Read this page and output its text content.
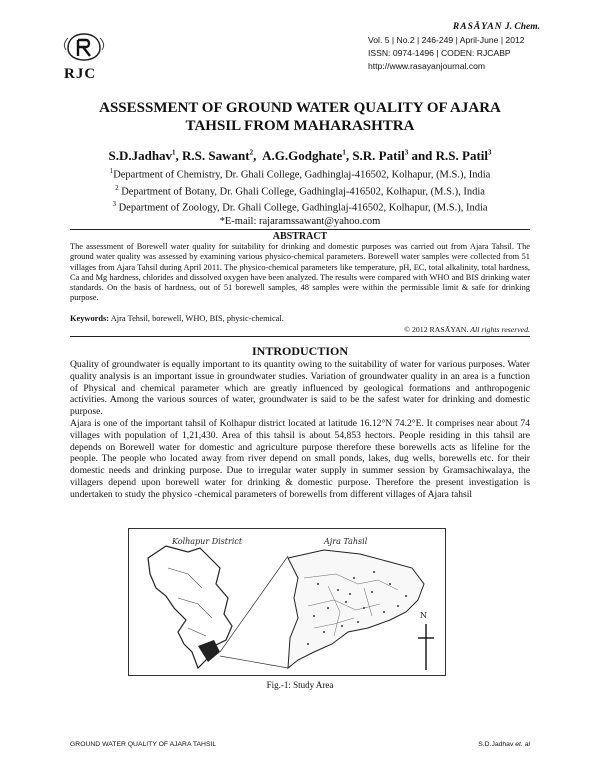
RJC
RASĀYAN J. Chem.
Vol. 5 | No.2 | 246-249 | April-June | 2012
ISSN: 0974-1496 | CODEN: RJCABP
http://www.rasayanjournal.com
ASSESSMENT OF GROUND WATER QUALITY OF AJARA
TAHSIL FROM MAHARASHTRA
S.D.Jadhav$^1$, R.S. Sawant$^2$,  A.G.Godghate$^1$, S.R. Patil$^3$ and R.S. Patil$^3$
$^1$Department of Chemistry, Dr. Ghali College, Gadhinglaj-416502, Kolhapur, (M.S.), India
$^2$ Department of Botany, Dr. Ghali College, Gadhinglaj-416502, Kolhapur, (M.S.), India
$^3$ Department of Zoology, Dr. Ghali College, Gadhinglaj-416502, Kolhapur, (M.S.), India
*E-mail: rajaramssawant@yahoo.com
ABSTRACT
The assessment of Borewell water quality for suitability for drinking and domestic purposes was carried out from Ajara Tahsil. The ground water quality was assessed by examining various physico-chemical parameters. Borewell water samples were collected from 51 villages from Ajara Tahsil during April 2011. The physico-chemical parameters like temperature, pH, EC, total alkalinity, total hardness, Ca and Mg hardness, chlorides and dissolved oxygen have been analyzed. The results were compared with WHO and BIS drinking water standards. On the basis of hardness, out of 51 borewell samples, 48 samples were within the permissible limit & safe for drinking purpose.
Keywords: Ajra Tehsil, borewell, WHO, BIS, physic-chemical.
© 2012 RASĀYAN. All rights reserved.
INTRODUCTION
Quality of groundwater is equally important to its quantity owing to the suitability of water for various purposes. Water quality analysis is an important issue in groundwater studies. Variation of groundwater quality in an area is a function of Physical and chemical parameter which are greatly influenced by geological formations and anthropogenic activities. Among the various sources of water, groundwater is said to be the safest water for drinking and domestic purpose.
Ajara is one of the important tahsil of Kolhapur district located at latitude 16.12°N 74.2°E. It comprises near about 74 villages with population of 1,21,430. Area of this tahsil is about 54,853 hectors. People residing in this tahsil are depends on Borewell water for domestic and agriculture purpose therefore these borewells acts as lifeline for the people. The people who located away from river depend on small ponds, lakes, dug wells, borewells etc. for their domestic needs and drinking purpose. Due to irregular water supply in summer session by Gramsachiwalaya, the villagers depend upon borewell water for drinking & domestic purpose. Therefore the present investigation is undertaken to study the physico -chemical parameters of borewells from different villages of Ajara tahsil
Kolhapur District	Ajra Tahsil
N
Fig.-1: Study Area
GROUND WATER QUALITY OF AJARA TAHSIL	S.D.Jadhav et. al
